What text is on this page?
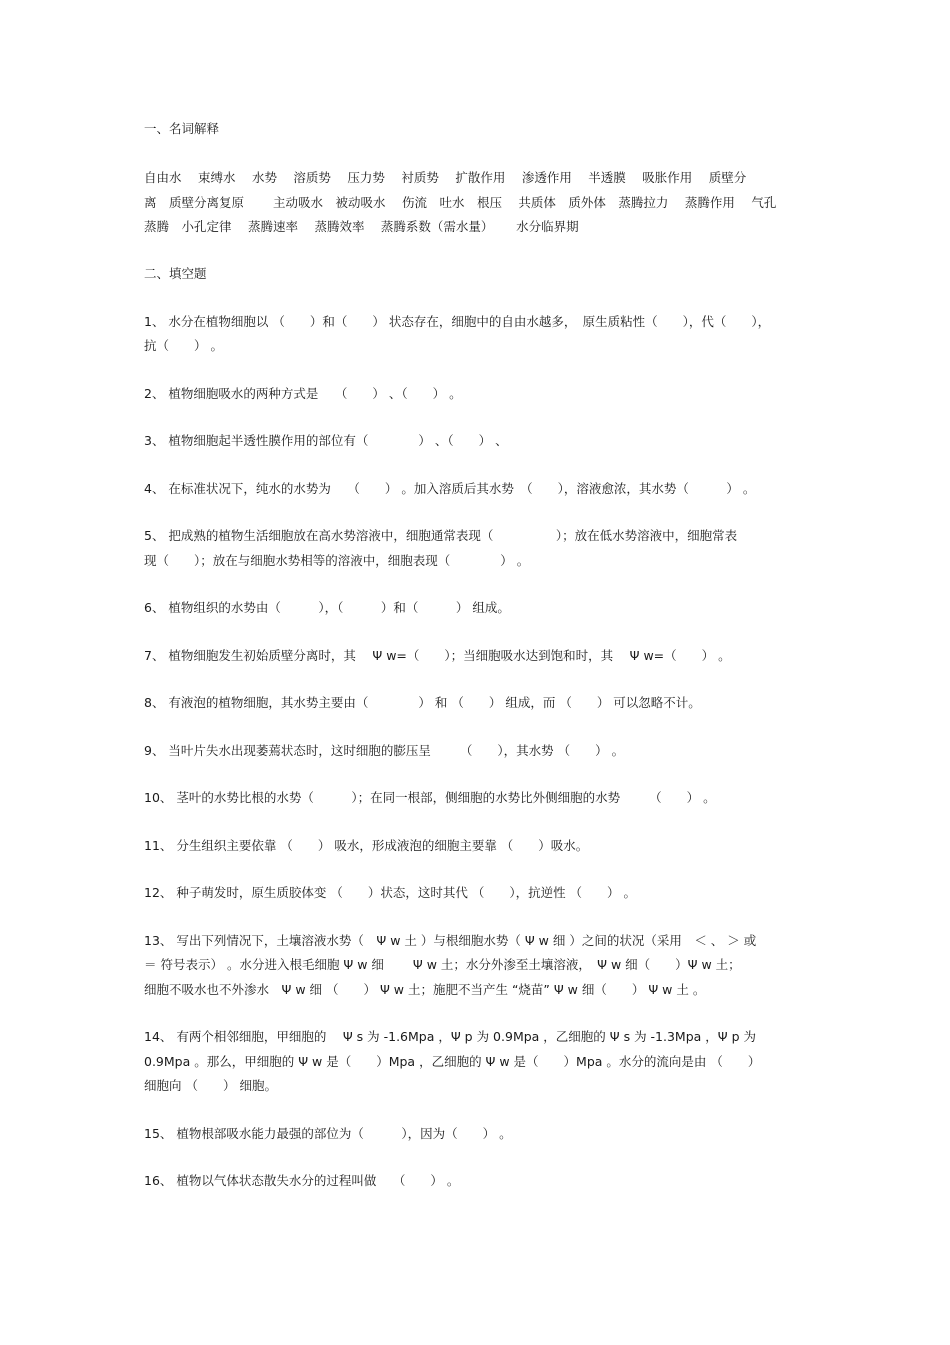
一、名词解释

自由水　 束缚水　 水势　 溶质势　 压力势　 衬质势　 扩散作用　 渗透作用　 半透膜　 吸胀作用　 质壁分
离　质壁分离复原　　 主动吸水　被动吸水　 伤流　吐水　根压　 共质体　质外体　蒸腾拉力　 蒸腾作用　 气孔
蒸腾　小孔定律　 蒸腾速率　 蒸腾效率　 蒸腾系数（需水量）　　 水分临界期

二、填空题

1、 水分在植物细胞以 （　　）和（　　） 状态存在，细胞中的自由水越多，　原生质粘性（　　），代（　　），
抗（　　） 。
2、 植物细胞吸水的两种方式是　 （　　） 、（　　） 。
3、 植物细胞起半透性膜作用的部位有（　　　　） 、（　　） 、
4、 在标准状况下，纯水的水势为　 （　　） 。加入溶质后其水势　（　　），溶液愈浓，其水势（　　　） 。
5、 把成熟的植物生活细胞放在高水势溶液中，细胞通常表现（　　　　　）；放在低水势溶液中，细胞常表
现（　　）；放在与细胞水势相等的溶液中，细胞表现（　　　　） 。
6、 植物组织的水势由（　　　），（　　　）和（　　　） 组成。
7、 植物细胞发生初始质壁分离时，其　 Ψ w=（　　）；当细胞吸水达到饱和时，其　 Ψ w=（　　） 。
8、 有液泡的植物细胞，其水势主要由（　　　　） 和 （　　） 组成，而 （　　） 可以忽略不计。
9、 当叶片失水出现萎蔫状态时，这时细胞的膨压呈　　 （　　），其水势 （　　） 。
10、 茎叶的水势比根的水势（　　　）；在同一根部，侧细胞的水势比外侧细胞的水势　　 （　　） 。
11、 分生组织主要依靠 （　　） 吸水，形成液泡的细胞主要靠 （　　）吸水。
12、 种子萌发时，原生质胶体变 （　　）状态，这时其代 （　　），抗逆性 （　　） 。
13、 写出下列情况下，土壤溶液水势（　Ψ w 土 ）与根细胞水势（ Ψ w 细 ）之间的状况（采用　＜ 、 ＞ 或
＝ 符号表示） 。水分进入根毛细胞 Ψ w 细　　 Ψ w 土；水分外渗至土壤溶液，　Ψ w 细（　　）Ψ w 土；
细胞不吸水也不外渗水　Ψ w 细 （　　） Ψ w 土；施肥不当产生 “烧苗” Ψ w 细（　　） Ψ w 土 。
14、 有两个相邻细胞，甲细胞的　 Ψ s 为 -1.6Mpa ，Ψ p 为 0.9Mpa ，乙细胞的 Ψ s 为 -1.3Mpa ，Ψ p 为
0.9Mpa 。那么，甲细胞的 Ψ w 是（　　）Mpa ，乙细胞的 Ψ w 是（　　）Mpa 。水分的流向是由 （　　）
细胞向 （　　） 细胞。
15、 植物根部吸水能力最强的部位为（　　　），因为（　　） 。
16、 植物以气体状态散失水分的过程叫做　 （　　） 。
